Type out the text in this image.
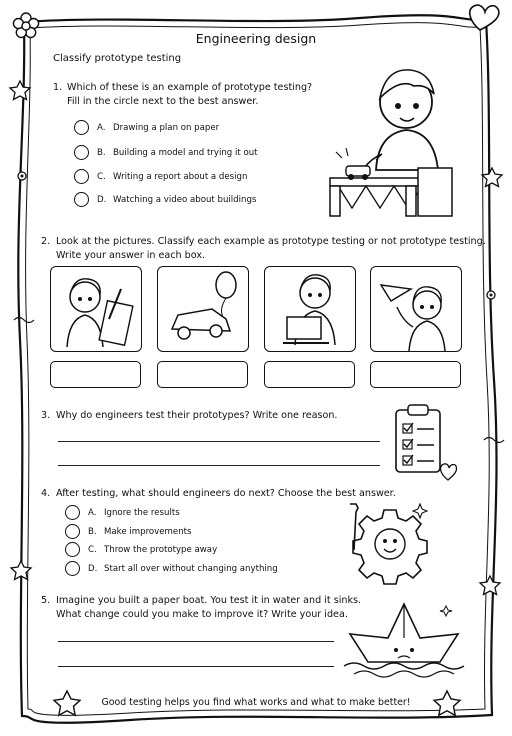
Engineering design
Classify prototype testing
1. Which of these is an example of prototype testing?
Fill in the circle next to the best answer.
A. Drawing a plan on paper
B. Building a model and trying it out
C. Writing a report about a design
D. Watching a video about buildings
2. Look at the pictures. Classify each example as prototype testing or not prototype testing.
Write your answer in each box.
3. Why do engineers test their prototypes? Write one reason.
4. After testing, what should engineers do next? Choose the best answer.
A. Ignore the results
B. Make improvements
C. Throw the prototype away
D. Start all over without changing anything
5. Imagine you built a paper boat. You test it in water and it sinks.
What change could you make to improve it? Write your idea.
Good testing helps you find what works and what to make better!
